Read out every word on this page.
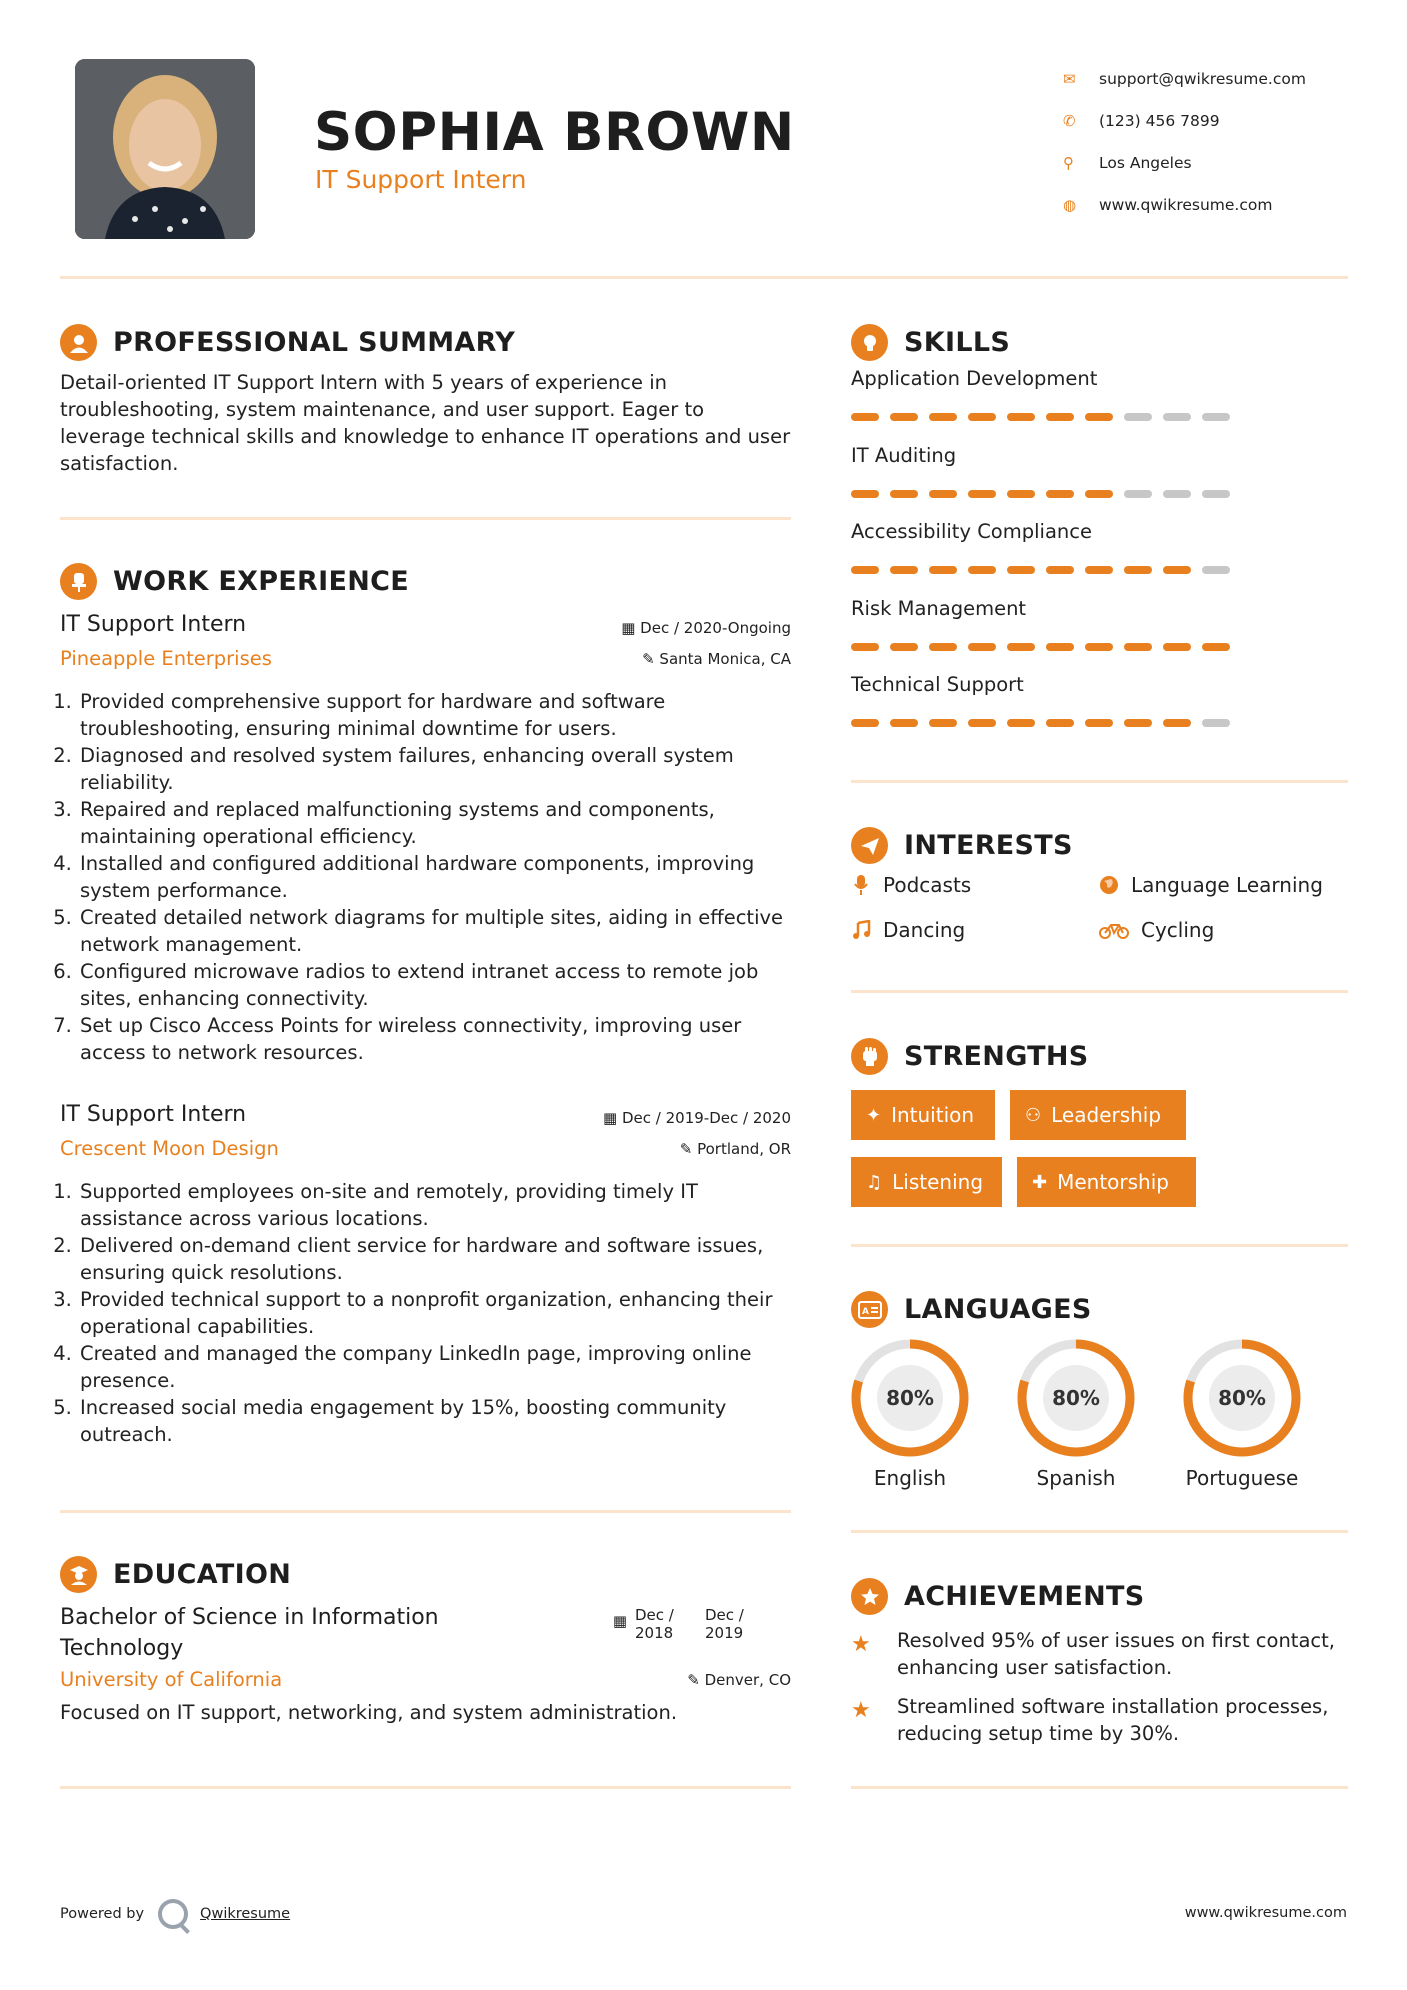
SOPHIA BROWN
IT Support Intern
✉	support@qwikresume.com
✆	(123) 456 7899
⚲	Los Angeles
◍	www.qwikresume.com
PROFESSIONAL SUMMARY
Detail-oriented IT Support Intern with 5 years of experience in troubleshooting, system maintenance, and user support. Eager to leverage technical skills and knowledge to enhance IT operations and user satisfaction.
WORK EXPERIENCE
IT Support Intern	▦ Dec / 2020-Ongoing
Pineapple Enterprises	✎ Santa Monica, CA
1. Provided comprehensive support for hardware and software troubleshooting, ensuring minimal downtime for users.
2. Diagnosed and resolved system failures, enhancing overall system reliability.
3. Repaired and replaced malfunctioning systems and components, maintaining operational efficiency.
4. Installed and configured additional hardware components, improving system performance.
5. Created detailed network diagrams for multiple sites, aiding in effective network management.
6. Configured microwave radios to extend intranet access to remote job sites, enhancing connectivity.
7. Set up Cisco Access Points for wireless connectivity, improving user access to network resources.
IT Support Intern	▦ Dec / 2019-Dec / 2020
Crescent Moon Design	✎ Portland, OR
1. Supported employees on-site and remotely, providing timely IT assistance across various locations.
2. Delivered on-demand client service for hardware and software issues, ensuring quick resolutions.
3. Provided technical support to a nonprofit organization, enhancing their operational capabilities.
4. Created and managed the company LinkedIn page, improving online presence.
5. Increased social media engagement by 15%, boosting community outreach.
EDUCATION
Bachelor of Science in Information Technology
▦ Dec / 2018
Dec / 2019
University of California	✎ Denver, CO
Focused on IT support, networking, and system administration.
SKILLS
Application Development
IT Auditing
Accessibility Compliance
Risk Management
Technical Support
INTERESTS
Podcasts	Language Learning
Dancing	Cycling
STRENGTHS
✦ Intuition	⚇ Leadership
♫ Listening	✚ Mentorship
A LANGUAGES
80%
English
80%
Spanish
80%
Portuguese
ACHIEVEMENTS
★	Resolved 95% of user issues on first contact, enhancing user satisfaction.
★	Streamlined software installation processes, reducing setup time by 30%.
Powered by	Qwikresume	www.qwikresume.com
